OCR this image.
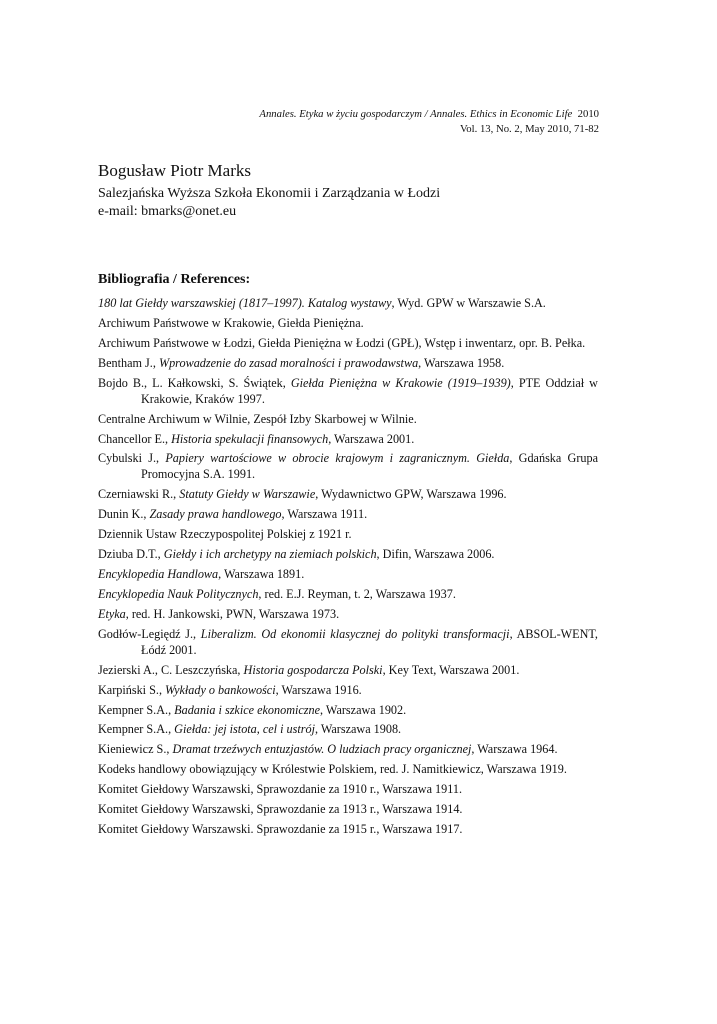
Annales. Etyka w życiu gospodarczym / Annales. Ethics in Economic Life 2010
Vol. 13, No. 2, May 2010, 71-82
Bogusław Piotr Marks
Salezjańska Wyższa Szkoła Ekonomii i Zarządzania w Łodzi
e-mail: bmarks@onet.eu
Bibliografia / References:
180 lat Giełdy warszawskiej (1817–1997). Katalog wystawy, Wyd. GPW w Warszawie S.A.
Archiwum Państwowe w Krakowie, Giełda Pieniężna.
Archiwum Państwowe w Łodzi, Giełda Pieniężna w Łodzi (GPŁ), Wstęp i inwentarz, opr. B. Pełka.
Bentham J., Wprowadzenie do zasad moralności i prawodawstwa, Warszawa 1958.
Bojdo B., L. Kałkowski, S. Świątek, Giełda Pieniężna w Krakowie (1919–1939), PTE Oddział w Krakowie, Kraków 1997.
Centralne Archiwum w Wilnie, Zespół Izby Skarbowej w Wilnie.
Chancellor E., Historia spekulacji finansowych, Warszawa 2001.
Cybulski J., Papiery wartościowe w obrocie krajowym i zagranicznym. Giełda, Gdańska Grupa Promocyjna S.A. 1991.
Czerniawski R., Statuty Giełdy w Warszawie, Wydawnictwo GPW, Warszawa 1996.
Dunin K., Zasady prawa handlowego, Warszawa 1911.
Dziennik Ustaw Rzeczypospolitej Polskiej z 1921 r.
Dziuba D.T., Giełdy i ich archetypy na ziemiach polskich, Difin, Warszawa 2006.
Encyklopedia Handlowa, Warszawa 1891.
Encyklopedia Nauk Politycznych, red. E.J. Reyman, t. 2, Warszawa 1937.
Etyka, red. H. Jankowski, PWN, Warszawa 1973.
Godłów-Legiędź J., Liberalizm. Od ekonomii klasycznej do polityki transformacji, ABSOL-WENT, Łódź 2001.
Jezierski A., C. Leszczyńska, Historia gospodarcza Polski, Key Text, Warszawa 2001.
Karpiński S., Wykłady o bankowości, Warszawa 1916.
Kempner S.A., Badania i szkice ekonomiczne, Warszawa 1902.
Kempner S.A., Giełda: jej istota, cel i ustrój, Warszawa 1908.
Kieniewicz S., Dramat trzeźwych entuzjastów. O ludziach pracy organicznej, Warszawa 1964.
Kodeks handlowy obowiązujący w Królestwie Polskiem, red. J. Namitkiewicz, Warszawa 1919.
Komitet Giełdowy Warszawski, Sprawozdanie za 1910 r., Warszawa 1911.
Komitet Giełdowy Warszawski, Sprawozdanie za 1913 r., Warszawa 1914.
Komitet Giełdowy Warszawski. Sprawozdanie za 1915 r., Warszawa 1917.
